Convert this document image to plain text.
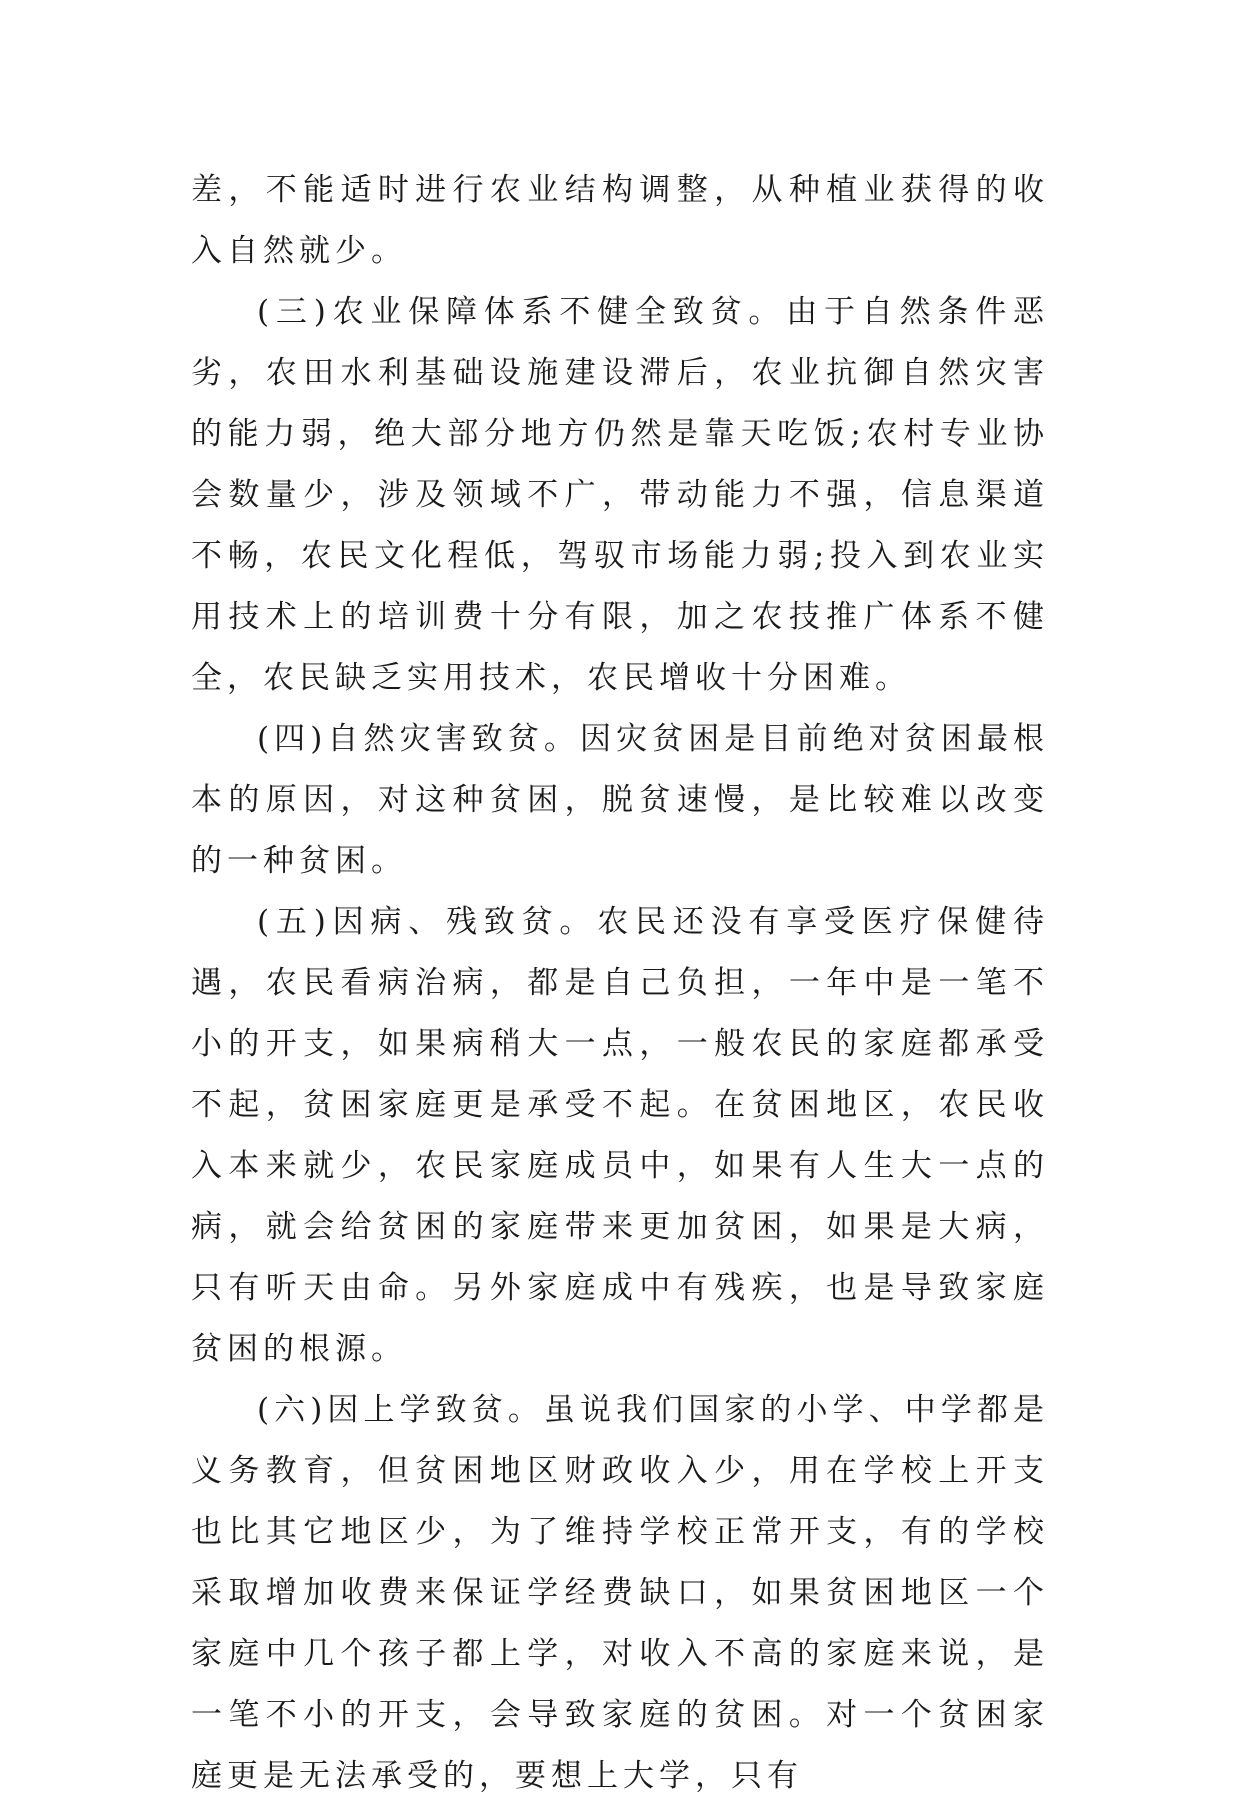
差，不能适时进行农业结构调整，从种植业获得的收入自然就少。

(三)农业保障体系不健全致贫。由于自然条件恶劣，农田水利基础设施建设滞后，农业抗御自然灾害的能力弱，绝大部分地方仍然是靠天吃饭;农村专业协会数量少，涉及领域不广，带动能力不强，信息渠道不畅，农民文化程低，驾驭市场能力弱;投入到农业实用技术上的培训费十分有限，加之农技推广体系不健全，农民缺乏实用技术，农民增收十分困难。

(四)自然灾害致贫。因灾贫困是目前绝对贫困最根本的原因，对这种贫困，脱贫速慢，是比较难以改变的一种贫困。

(五)因病、残致贫。农民还没有享受医疗保健待遇，农民看病治病，都是自己负担，一年中是一笔不小的开支，如果病稍大一点，一般农民的家庭都承受不起，贫困家庭更是承受不起。在贫困地区，农民收入本来就少，农民家庭成员中，如果有人生大一点的病，就会给贫困的家庭带来更加贫困，如果是大病，只有听天由命。另外家庭成中有残疾，也是导致家庭贫困的根源。

(六)因上学致贫。虽说我们国家的小学、中学都是义务教育，但贫困地区财政收入少，用在学校上开支也比其它地区少，为了维持学校正常开支，有的学校采取增加收费来保证学经费缺口，如果贫困地区一个家庭中几个孩子都上学，对收入不高的家庭来说，是一笔不小的开支，会导致家庭的贫困。对一个贫困家庭更是无法承受的，要想上大学，只有
